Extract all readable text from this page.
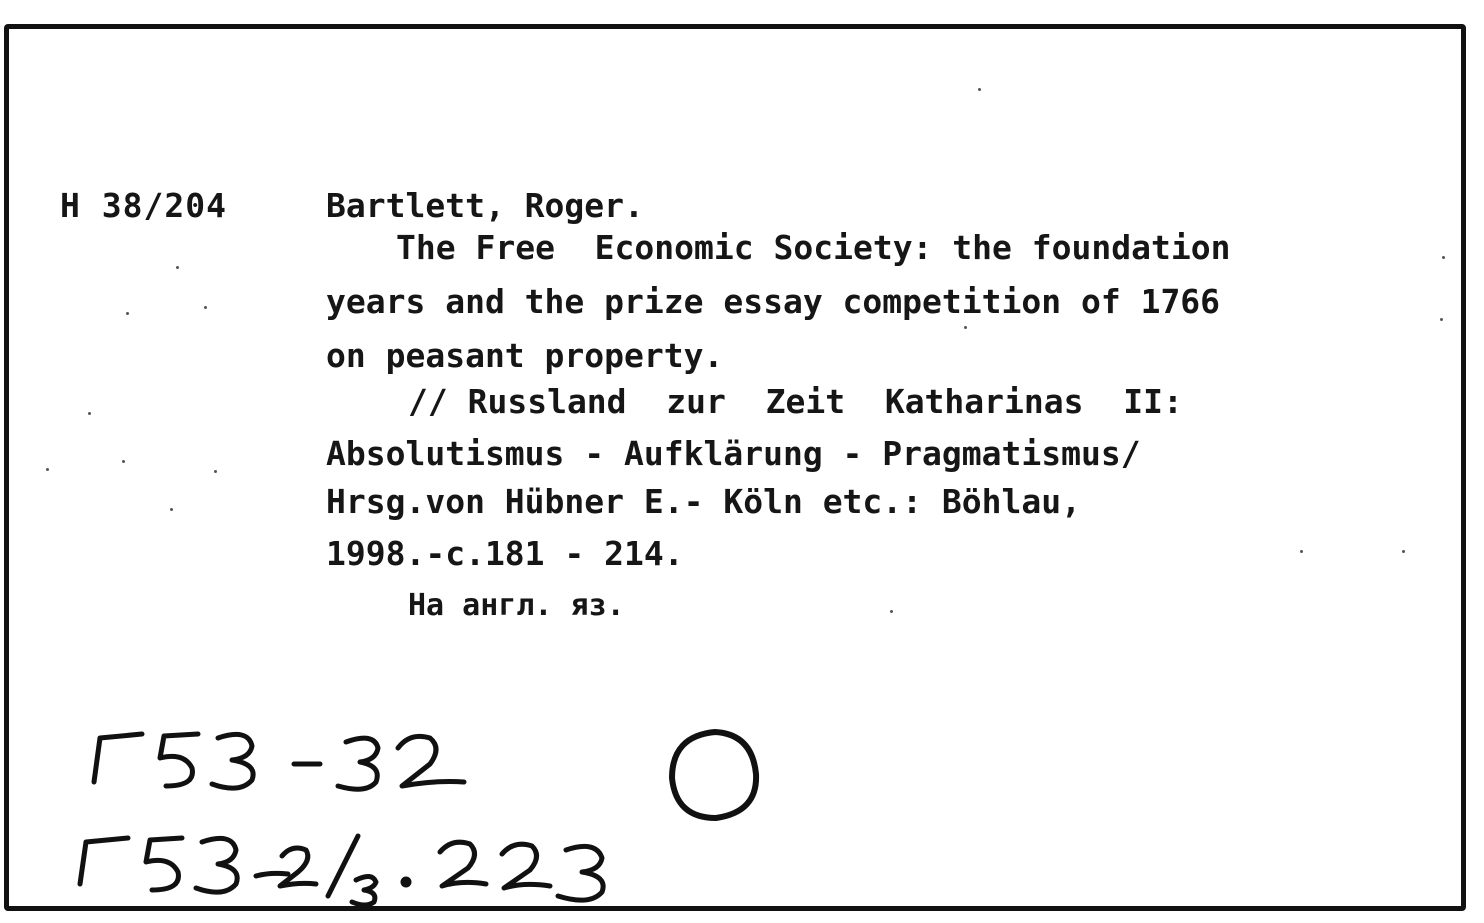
H 38/204	Bartlett, Roger.
The Free  Economic Society: the foundation
years and the prize essay competition of 1766
on peasant property.
// Russland  zur  Zeit  Katharinas  II:
Absolutismus - Aufklärung - Pragmatismus/
Hrsg.von Hübner E.- Köln etc.: Böhlau,
1998.-c.181 - 214.
На англ. яз.
